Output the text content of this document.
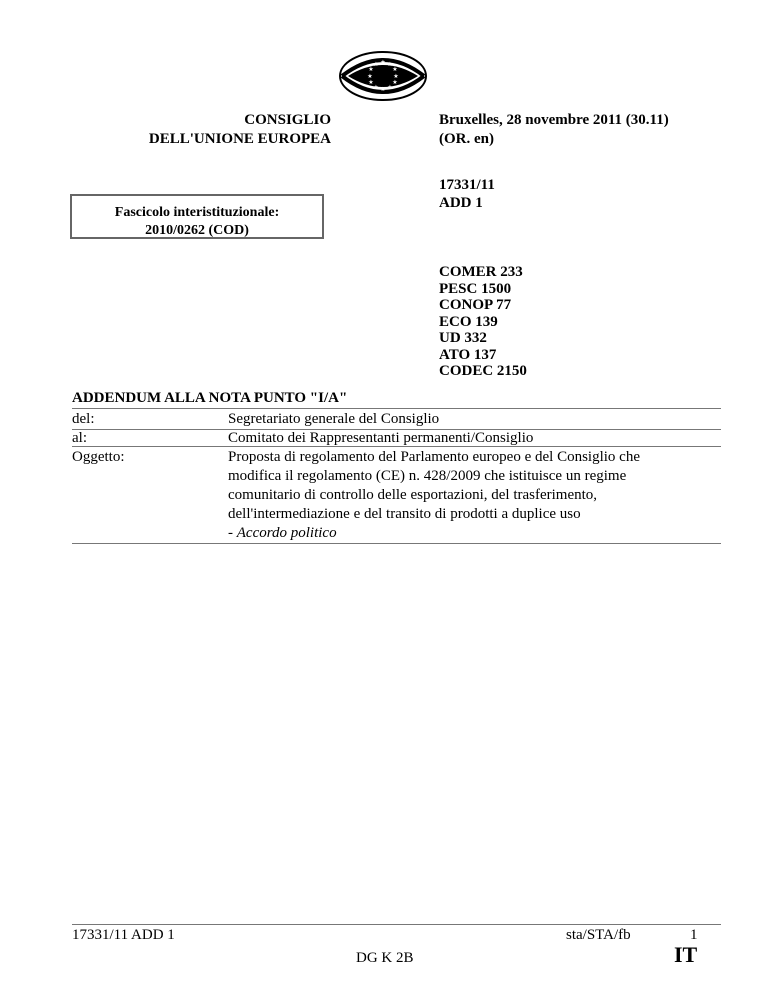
★ ★
★
★
★
★
★
★
★
★
★
★
CONSIGLIO
DELL'UNIONE EUROPEA
Bruxelles, 28 novembre 2011 (30.11)
(OR. en)
17331/11
ADD 1
Fascicolo interistituzionale:
2010/0262 (COD)
COMER 233
PESC 1500
CONOP 77
ECO 139
UD 332
ATO 137
CODEC 2150
ADDENDUM ALLA NOTA PUNTO "I/A"
del:	Segretariato generale del Consiglio
al:	Comitato dei Rappresentanti permanenti/Consiglio
Oggetto:	Proposta di regolamento del Parlamento europeo e del Consiglio che
modifica il regolamento (CE) n. 428/2009 che istituisce un regime
comunitario di controllo delle esportazioni, del trasferimento,
dell'intermediazione e del transito di prodotti a duplice uso
- Accordo politico
17331/11 ADD 1	sta/STA/fb	1
DG K 2B	IT
